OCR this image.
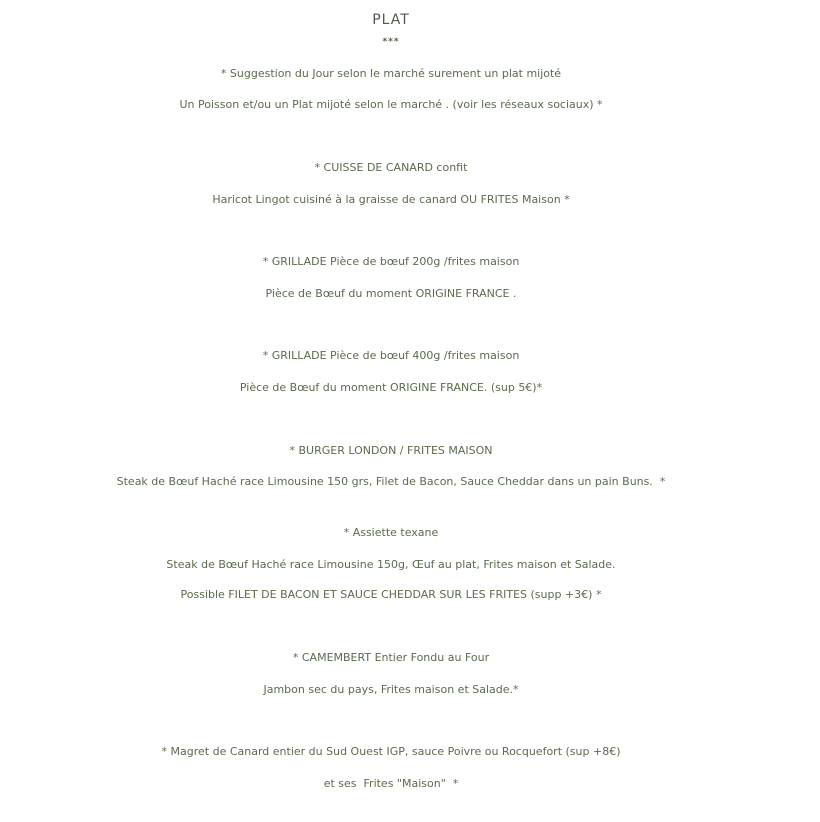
PLAT
***
* Suggestion du Jour selon le marché surement un plat mijoté
Un Poisson et/ou un Plat mijoté selon le marché . (voir les réseaux sociaux) *
* CUISSE DE CANARD confit
Haricot Lingot cuisiné à la graisse de canard OU FRITES Maison *
* GRILLADE Pièce de bœuf 200g /frites maison
Pièce de Bœuf du moment ORIGINE FRANCE .
* GRILLADE Pièce de bœuf 400g /frites maison
Pièce de Bœuf du moment ORIGINE FRANCE. (sup 5€)*
* BURGER LONDON / FRITES MAISON
Steak de Bœuf Haché race Limousine 150 grs, Filet de Bacon, Sauce Cheddar dans un pain Buns.  *
* Assiette texane
Steak de Bœuf Haché race Limousine 150g, Œuf au plat, Frites maison et Salade.
Possible FILET DE BACON ET SAUCE CHEDDAR SUR LES FRITES (supp +3€) *
* CAMEMBERT Entier Fondu au Four
Jambon sec du pays, Frites maison et Salade.*
* Magret de Canard entier du Sud Ouest IGP, sauce Poivre ou Rocquefort (sup +8€)
et ses  Frites "Maison"  *
